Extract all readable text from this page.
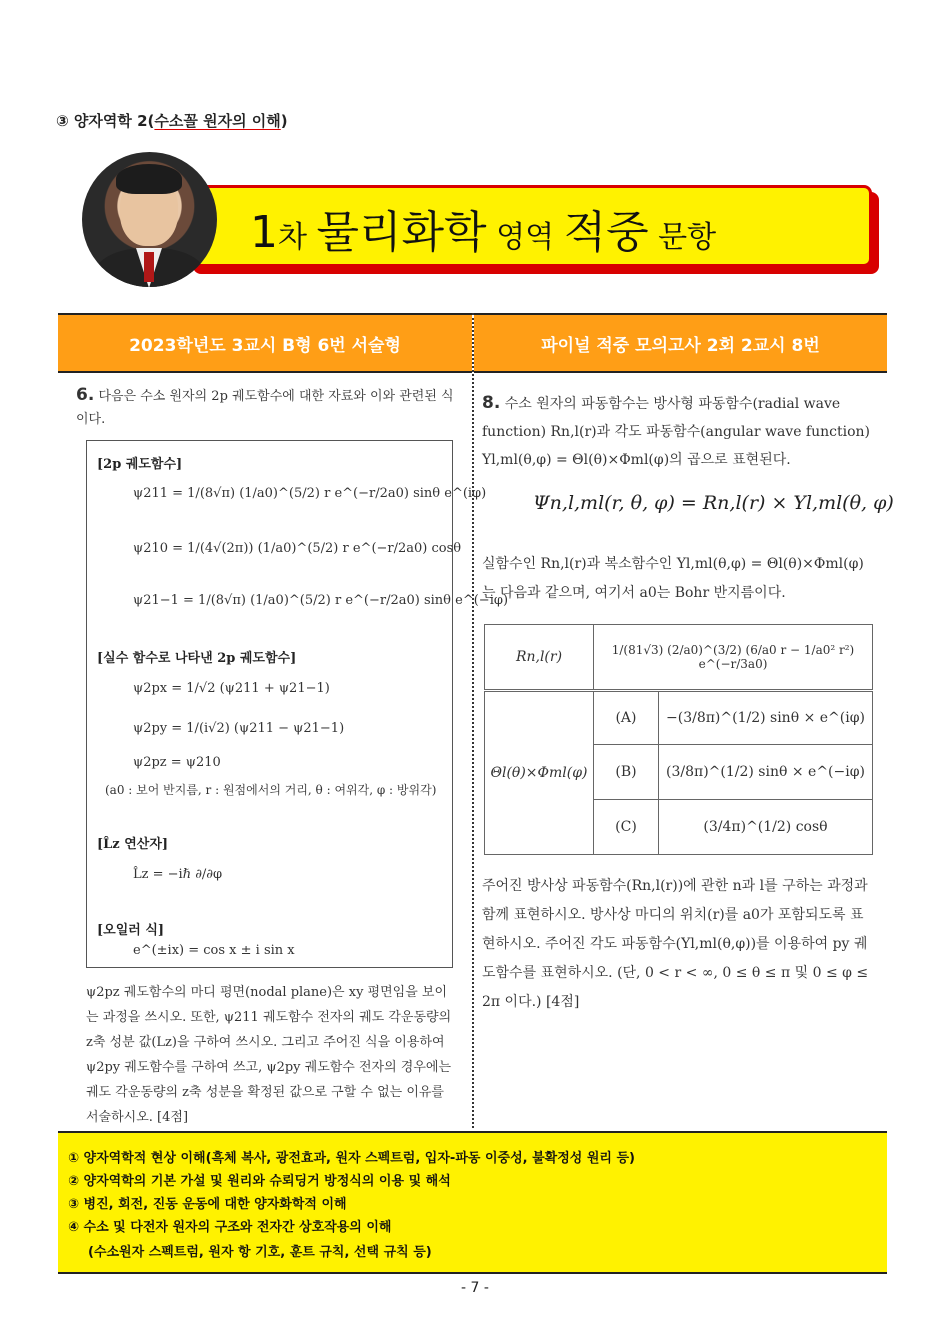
③ 양자역학 2(수소꼴 원자의 이해)
1차 물리화학 영역 적중 문항
2023학년도 3교시 B형 6번 서술형	파이널 적중 모의고사 2회 2교시 8번
6. 다음은 수소 원자의 2p 궤도함수에 대한 자료와 이와 관련된 식이다.
[2p 궤도함수]
ψ211 = 1/(8√π) (1/a0)^(5/2) r e^(−r/2a0) sinθ e^(iφ)
ψ210 = 1/(4√(2π)) (1/a0)^(5/2) r e^(−r/2a0) cosθ
ψ21−1 = 1/(8√π) (1/a0)^(5/2) r e^(−r/2a0) sinθ e^(−iφ)
[실수 함수로 나타낸 2p 궤도함수]
ψ2px = 1/√2 (ψ211 + ψ21−1)
ψ2py = 1/(i√2) (ψ211 − ψ21−1)
ψ2pz = ψ210
(a0 : 보어 반지름, r : 원점에서의 거리, θ : 여위각, φ : 방위각)
[L̂z 연산자]
L̂z = −iℏ ∂/∂φ
[오일러 식]
e^(±ix) = cos x ± i sin x
ψ2pz 궤도함수의 마디 평면(nodal plane)은 xy 평면임을 보이는 과정을 쓰시오. 또한, ψ211 궤도함수 전자의 궤도 각운동량의 z축 성분 값(Lz)을 구하여 쓰시오. 그리고 주어진 식을 이용하여 ψ2py 궤도함수를 구하여 쓰고, ψ2py 궤도함수 전자의 경우에는 궤도 각운동량의 z축 성분을 확정된 값으로 구할 수 없는 이유를 서술하시오. [4점]
8. 수소 원자의 파동함수는 방사형 파동함수(radial wave function) Rn,l(r)과 각도 파동함수(angular wave function) Yl,ml(θ,φ) = Θl(θ)×Φml(φ)의 곱으로 표현된다.
Ψn,l,ml(r, θ, φ) = Rn,l(r) × Yl,ml(θ, φ)
실함수인 Rn,l(r)과 복소함수인 Yl,ml(θ,φ) = Θl(θ)×Φml(φ)는 다음과 같으며, 여기서 a0는 Bohr 반지름이다.
Rn,l(r)	1/(81√3) (2/a0)^(3/2) (6/a0 r − 1/a0² r²) e^(−r/3a0)	
Θl(θ)×Φml(φ)	(A)	−(3/8π)^(1/2) sinθ × e^(iφ)
	(B)	(3/8π)^(1/2) sinθ × e^(−iφ)
	(C)	(3/4π)^(1/2) cosθ
주어진 방사상 파동함수(Rn,l(r))에 관한 n과 l를 구하는 과정과 함께 표현하시오. 방사상 마디의 위치(r)를 a0가 포함되도록 표현하시오. 주어진 각도 파동함수(Yl,ml(θ,φ))를 이용하여 py 궤도함수를 표현하시오. (단, 0 < r < ∞, 0 ≤ θ ≤ π 및 0 ≤ φ ≤ 2π 이다.) [4점]
① 양자역학적 현상 이해(흑체 복사, 광전효과, 원자 스펙트럼, 입자-파동 이중성, 불확정성 원리 등)
② 양자역학의 기본 가설 및 원리와 슈뢰딩거 방정식의 이용 및 해석
③ 병진, 회전, 진동 운동에 대한 양자화학적 이해
④ 수소 및 다전자 원자의 구조와 전자간 상호작용의 이해
(수소원자 스펙트럼, 원자 항 기호, 훈트 규칙, 선택 규칙 등)
- 7 -
